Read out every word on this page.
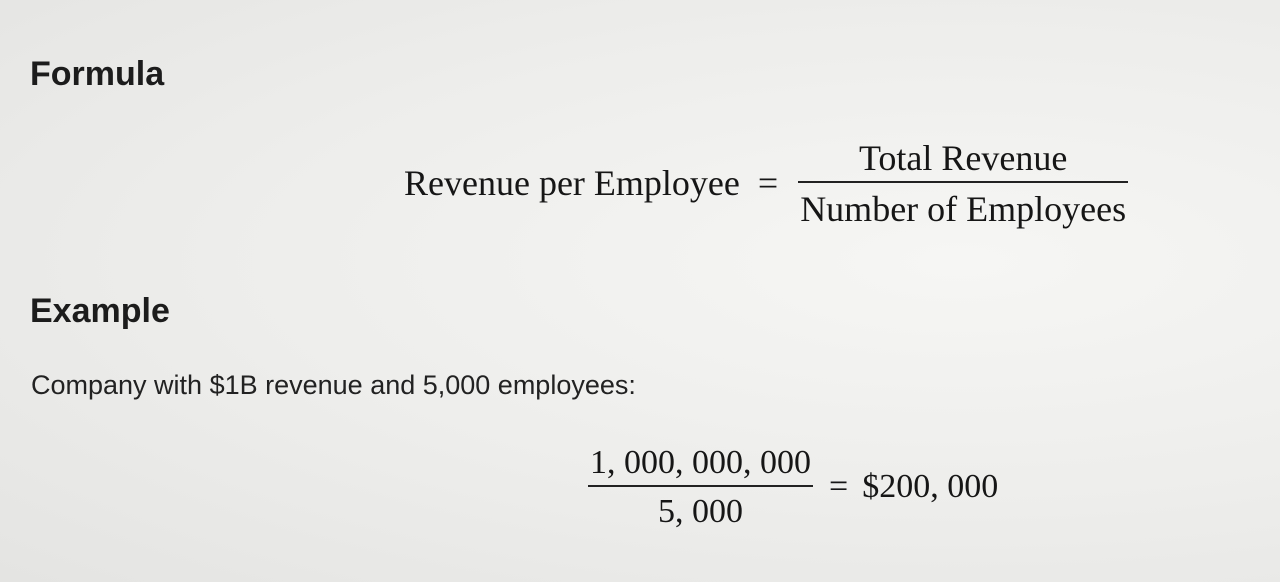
Formula
Revenue per Employee = $\frac{\text{Total Revenue}}{\text{Number of Employees}}$
Example

Company with $1B revenue and 5,000 employees:

$\frac{1, 000, 000, 000}{5, 000}$ = $200, 000
